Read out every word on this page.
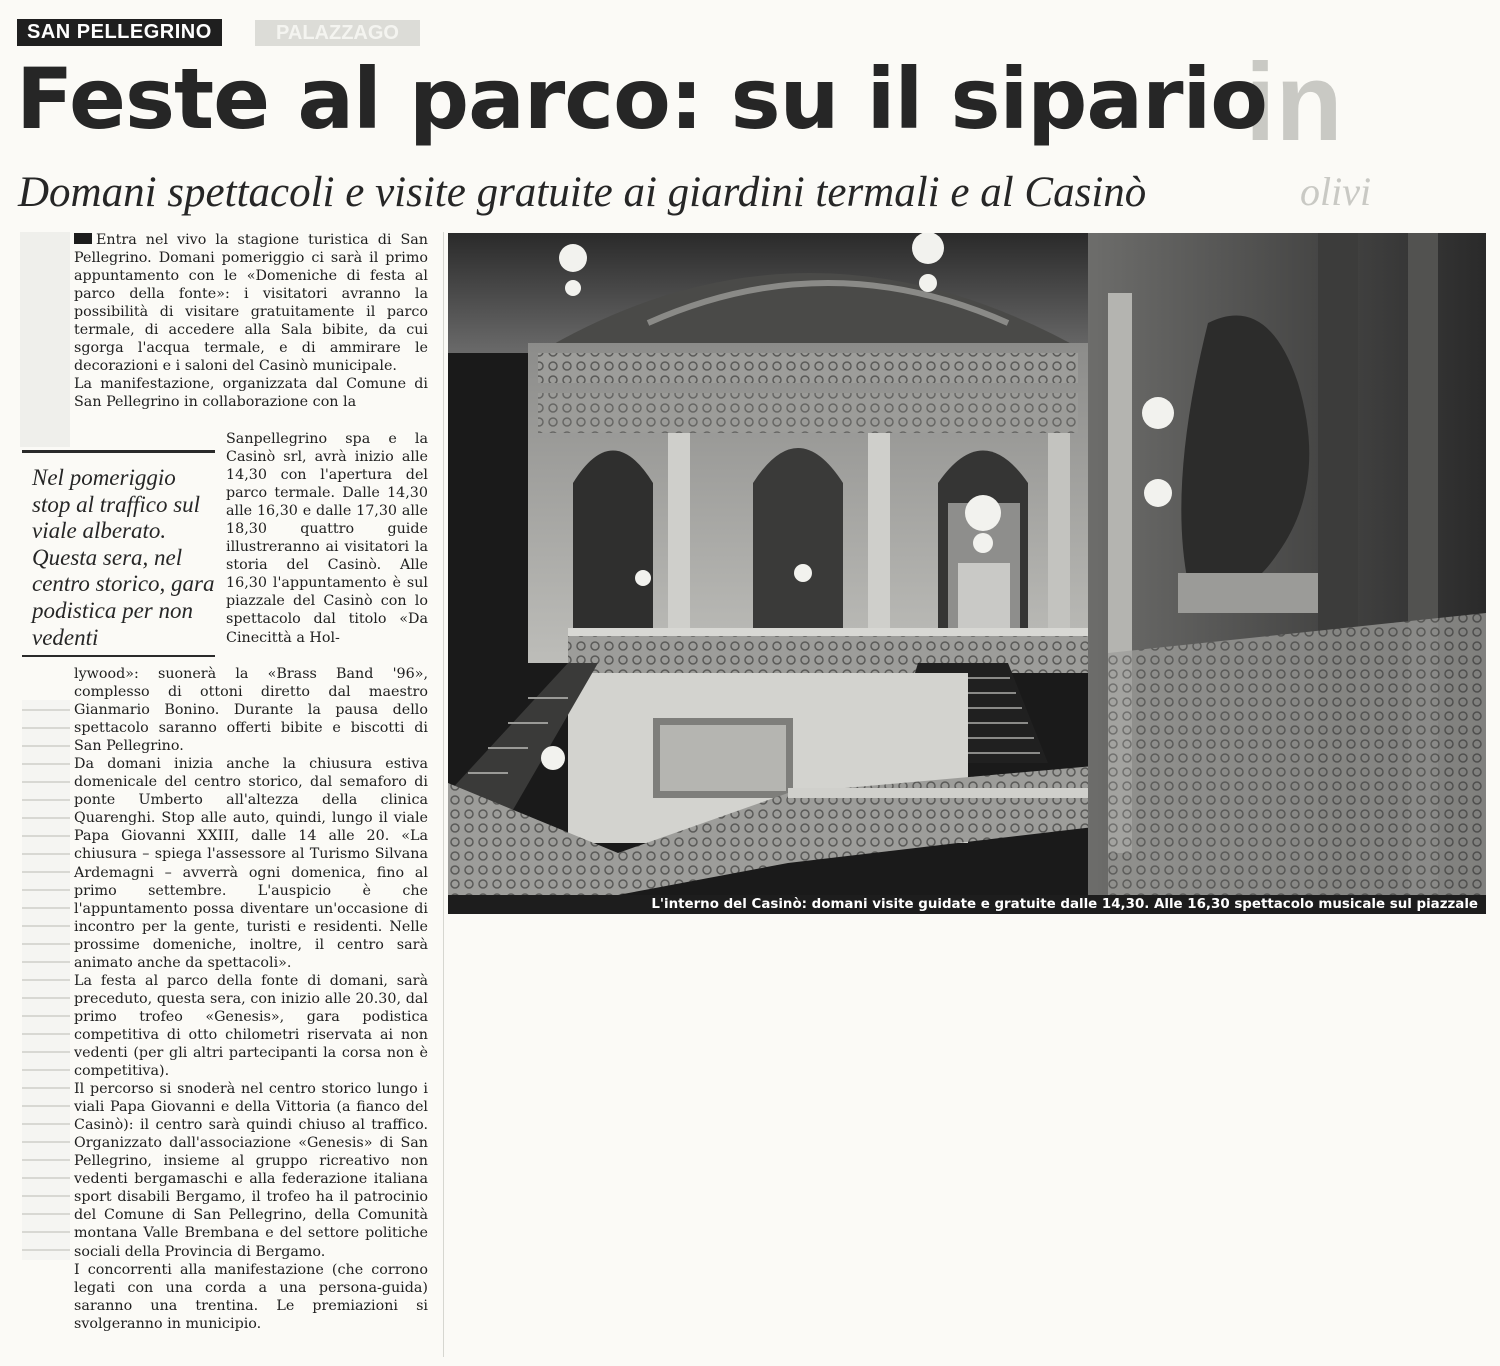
PALAZZAGO
in
olivi
SAN PELLEGRINO
Feste al parco: su il sipario
Domani spettacoli e visite gratuite ai giardini termali e al Casinò

Entra nel vivo la stagione turistica di San Pellegrino. Domani pomeriggio ci sarà il primo appuntamento con le «Domeniche di festa al parco della fonte»: i visitatori avranno la possibilità di visitare gratuitamente il parco termale, di accedere alla Sala bibite, da cui sgorga l'acqua termale, e di ammirare le decorazioni e i saloni del Casinò municipale.

La manifestazione, organizzata dal Comune di San Pellegrino in collaborazione con la

Nel pomeriggio stop al traffico sul viale alberato. Questa sera, nel centro storico, gara podistica per non vedenti

Sanpellegrino spa e la Casinò srl, avrà inizio alle 14,30 con l'apertura del parco termale. Dalle 14,30 alle 16,30 e dalle 17,30 alle 18,30 quattro guide illustreranno ai visitatori la storia del Casinò. Alle 16,30 l'appuntamento è sul piazzale del Casinò con lo spettacolo dal titolo «Da Cinecittà a Hol-

lywood»: suonerà la «Brass Band '96», complesso di ottoni diretto dal maestro Gianmario Bonino. Durante la pausa dello spettacolo saranno offerti bibite e biscotti di San Pellegrino.

Da domani inizia anche la chiusura estiva domenicale del centro storico, dal semaforo di ponte Umberto all'altezza della clinica Quarenghi. Stop alle auto, quindi, lungo il viale Papa Giovanni XXIII, dalle 14 alle 20. «La chiusura – spiega l'assessore al Turismo Silvana Ardemagni – avverrà ogni domenica, fino al primo settembre. L'auspicio è che l'appuntamento possa diventare un'occasione di incontro per la gente, turisti e residenti. Nelle prossime domeniche, inoltre, il centro sarà animato anche da spettacoli».

La festa al parco della fonte di domani, sarà preceduto, questa sera, con inizio alle 20.30, dal primo trofeo «Genesis», gara podistica competitiva di otto chilometri riservata ai non vedenti (per gli altri partecipanti la corsa non è competitiva).

Il percorso si snoderà nel centro storico lungo i viali Papa Giovanni e della Vittoria (a fianco del Casinò): il centro sarà quindi chiuso al traffico. Organizzato dall'associazione «Genesis» di San Pellegrino, insieme al gruppo ricreativo non vedenti bergamaschi e alla federazione italiana sport disabili Bergamo, il trofeo ha il patrocinio del Comune di San Pellegrino, della Comunità montana Valle Brembana e del settore politiche sociali della Provincia di Bergamo.

I concorrenti alla manifestazione (che corrono legati con una corda a una persona-guida) saranno una trentina. Le premiazioni si svolgeranno in municipio.

L'interno del Casinò: domani visite guidate e gratuite dalle 14,30. Alle 16,30 spettacolo musicale sul piazzale
